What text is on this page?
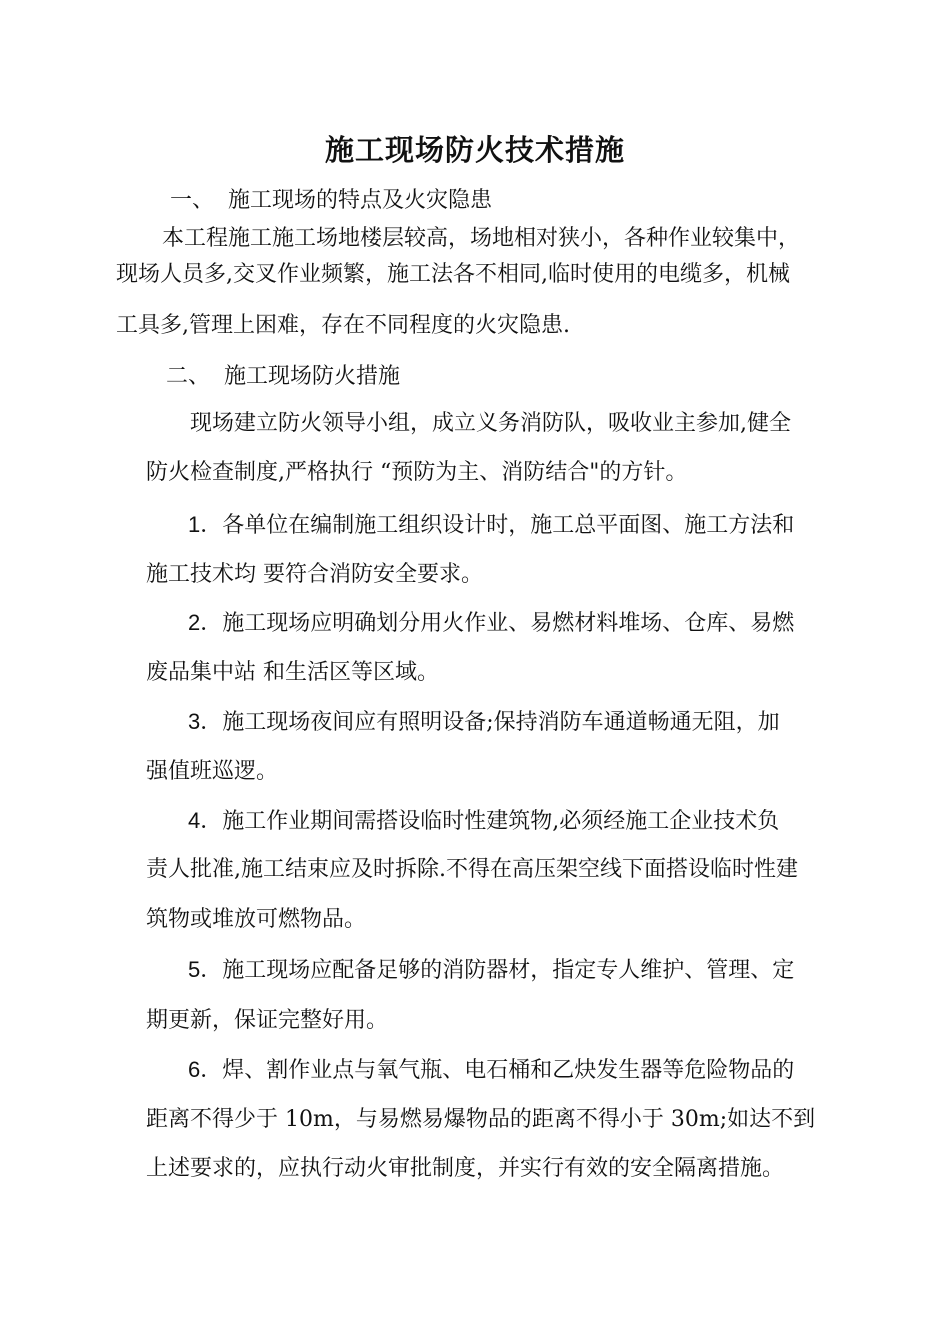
施工现场防火技术措施
一、 施工现场的特点及火灾隐患
本工程施工施工场地楼层较高，场地相对狭小，各种作业较集中，
现场人员多,交叉作业频繁，施工法各不相同,临时使用的电缆多，机械
工具多,管理上困难，存在不同程度的火灾隐患.
二、 施工现场防火措施
现场建立防火领导小组，成立义务消防队，吸收业主参加,健全
防火检查制度,严格执行 “预防为主、消防结合"的方针。
1．各单位在编制施工组织设计时，施工总平面图、施工方法和
施工技术均 要符合消防安全要求。
2．施工现场应明确划分用火作业、易燃材料堆场、仓库、易燃
废品集中站 和生活区等区域。
3．施工现场夜间应有照明设备;保持消防车通道畅通无阻，加
强值班巡逻。
4．施工作业期间需搭设临时性建筑物,必须经施工企业技术负
责人批准,施工结束应及时拆除.不得在高压架空线下面搭设临时性建
筑物或堆放可燃物品。
5．施工现场应配备足够的消防器材，指定专人维护、管理、定
期更新，保证完整好用。
6．焊、割作业点与氧气瓶、电石桶和乙炔发生器等危险物品的
距离不得少于 10m，与易燃易爆物品的距离不得小于 30m;如达不到
上述要求的，应执行动火审批制度，并实行有效的安全隔离措施。
